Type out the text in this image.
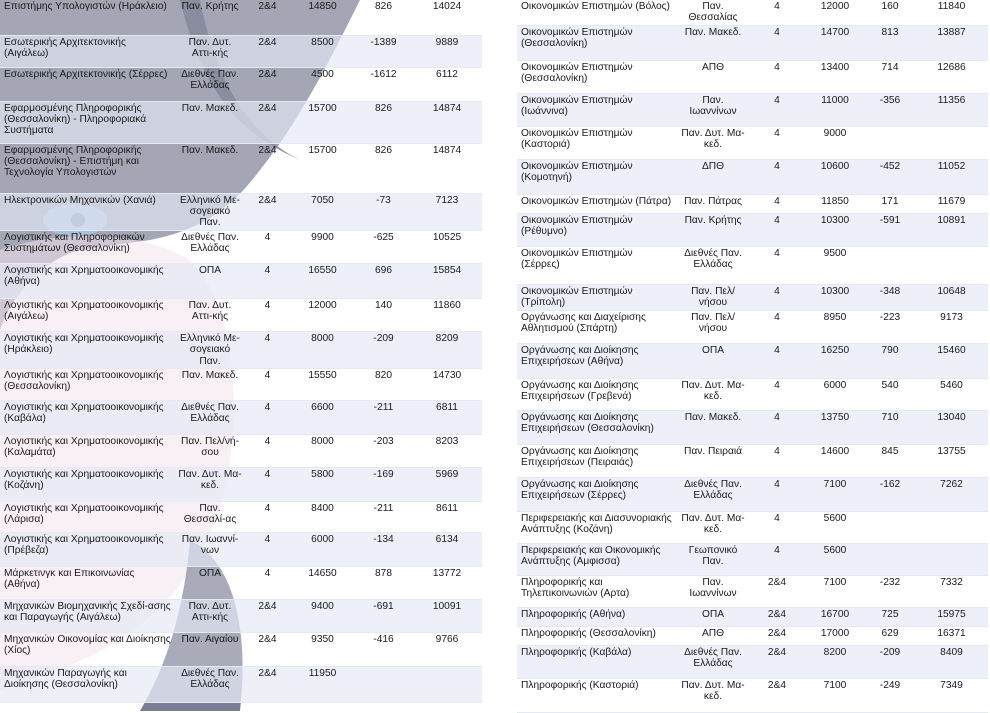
Επιστήμης Υπολογιστών (Ηράκλειο)	Παν. Κρήτης	2&4	14850	826	14024
Εσωτερικής Αρχιτεκτονικής (Αιγάλεω)	Παν. Δυτ. Αττι-κής	2&4	8500	-1389	9889
Εσωτερικής Αρχιτεκτονικής (Σέρρες)	Διεθνές Παν. Ελλάδας	2&4	4500	-1612	6112
Εφαρμοσμένης Πληροφορικής (Θεσσαλονίκη) - Πληροφοριακά Συστήματα	Παν. Μακεδ.	2&4	15700	826	14874
Εφαρμοσμένης Πληροφορικής (Θεσσαλονίκη) - Επιστήμη και Τεχνολογία Υπολογιστών	Παν. Μακεδ.	2&4	15700	826	14874
Ηλεκτρονικών Μηχανικών (Χανιά)	Ελληνικό Με-σογειακό Παν.	2&4	7050	-73	7123
Λογιστικής και Πληροφοριακών Συστημάτων (Θεσσαλονίκη)	Διεθνές Παν. Ελλάδας	4	9900	-625	10525
Λογιστικής και Χρηματοοικονομικής (Αθήνα)	ΟΠΑ	4	16550	696	15854
Λογιστικής και Χρηματοοικονομικής (Αιγάλεω)	Παν. Δυτ. Αττι-κής	4	12000	140	11860
Λογιστικής και Χρηματοοικονομικής (Ηράκλειο)	Ελληνικό Με-σογειακό Παν.	4	8000	-209	8209
Λογιστικής και Χρηματοοικονομικής (Θεσσαλονίκη)	Παν. Μακεδ.	4	15550	820	14730
Λογιστικής και Χρηματοοικονομικής (Καβάλα)	Διεθνές Παν. Ελλάδας	4	6600	-211	6811
Λογιστικής και Χρηματοοικονομικής (Καλαμάτα)	Παν. Πελ/νή-σου	4	8000	-203	8203
Λογιστικής και Χρηματοοικονομικής (Κοζάνη)	Παν. Δυτ. Μα-κεδ.	4	5800	-169	5969
Λογιστικής και Χρηματοοικονομικής (Λάρισα)	Παν. Θεσσαλί-ας	4	8400	-211	8611
Λογιστικής και Χρηματοοικονομικής (Πρέβεζα)	Παν. Ιωαννί-νων	4	6000	-134	6134
Μάρκετινγκ και Επικοινωνίας (Αθήνα)	ΟΠΑ	4	14650	878	13772
Μηχανικών Βιομηχανικής Σχεδί-ασης και Παραγωγής (Αιγάλεω)	Παν. Δυτ. Αττι-κής	2&4	9400	-691	10091
Μηχανικών Οικονομίας και Διοίκησης (Χίος)	Παν. Αιγαίου	2&4	9350	-416	9766
Μηχανικών Παραγωγής και Διοίκησης (Θεσσαλονίκη)	Διεθνές Παν. Ελλάδας	2&4	11950		
Οικονομικών Επιστημών (Βόλος)	Παν. Θεσσαλίας	4	12000	160	11840
Οικονομικών Επιστημών (Θεσσαλονίκη)	Παν. Μακεδ.	4	14700	813	13887
Οικονομικών Επιστημών (Θεσσαλονίκη)	ΑΠΘ	4	13400	714	12686
Οικονομικών Επιστημών (Ιωάννινα)	Παν. Ιωαννίνων	4	11000	-356	11356
Οικονομικών Επιστημών (Καστοριά)	Παν. Δυτ. Μα-κεδ.	4	9000		
Οικονομικών Επιστημών (Κομοτηνή)	ΔΠΘ	4	10600	-452	11052
Οικονομικών Επιστημών (Πάτρα)	Παν. Πάτρας	4	11850	171	11679
Οικονομικών Επιστημών (Ρέθυμνο)	Παν. Κρήτης	4	10300	-591	10891
Οικονομικών Επιστημών (Σέρρες)	Διεθνές Παν. Ελλάδας	4	9500		
Οικονομικών Επιστημών (Τρίπολη)	Παν. Πελ/νήσου	4	10300	-348	10648
Οργάνωσης και Διαχείρισης Αθλητισμού (Σπάρτη)	Παν. Πελ/νήσου	4	8950	-223	9173
Οργάνωσης και Διοίκησης Επιχειρήσεων (Αθήνα)	ΟΠΑ	4	16250	790	15460
Οργάνωσης και Διοίκησης Επιχειρήσεων (Γρεβενά)	Παν. Δυτ. Μα-κεδ.	4	6000	540	5460
Οργάνωσης και Διοίκησης Επιχειρήσεων (Θεσσαλονίκη)	Παν. Μακεδ.	4	13750	710	13040
Οργάνωσης και Διοίκησης Επιχειρήσεων (Πειραιάς)	Παν. Πειραιά	4	14600	845	13755
Οργάνωσης και Διοίκησης Επιχειρήσεων (Σέρρες)	Διεθνές Παν. Ελλάδας	4	7100	-162	7262
Περιφερειακής και Διασυνοριακής Ανάπτυξης (Κοζάνη)	Παν. Δυτ. Μα-κεδ.	4	5600		
Περιφερειακής και Οικονομικής Ανάπτυξης (Αμφισσα)	Γεωπονικό Παν.	4	5600		
Πληροφορικής και Τηλεπικοινωνιών (Αρτα)	Παν. Ιωαννίνων	2&4	7100	-232	7332
Πληροφορικής (Αθήνα)	ΟΠΑ	2&4	16700	725	15975
Πληροφορικής (Θεσσαλονίκη)	ΑΠΘ	2&4	17000	629	16371
Πληροφορικής (Καβάλα)	Διεθνές Παν. Ελλάδας	2&4	8200	-209	8409
Πληροφορικής (Καστοριά)	Παν. Δυτ. Μα-κεδ.	2&4	7100	-249	7349
